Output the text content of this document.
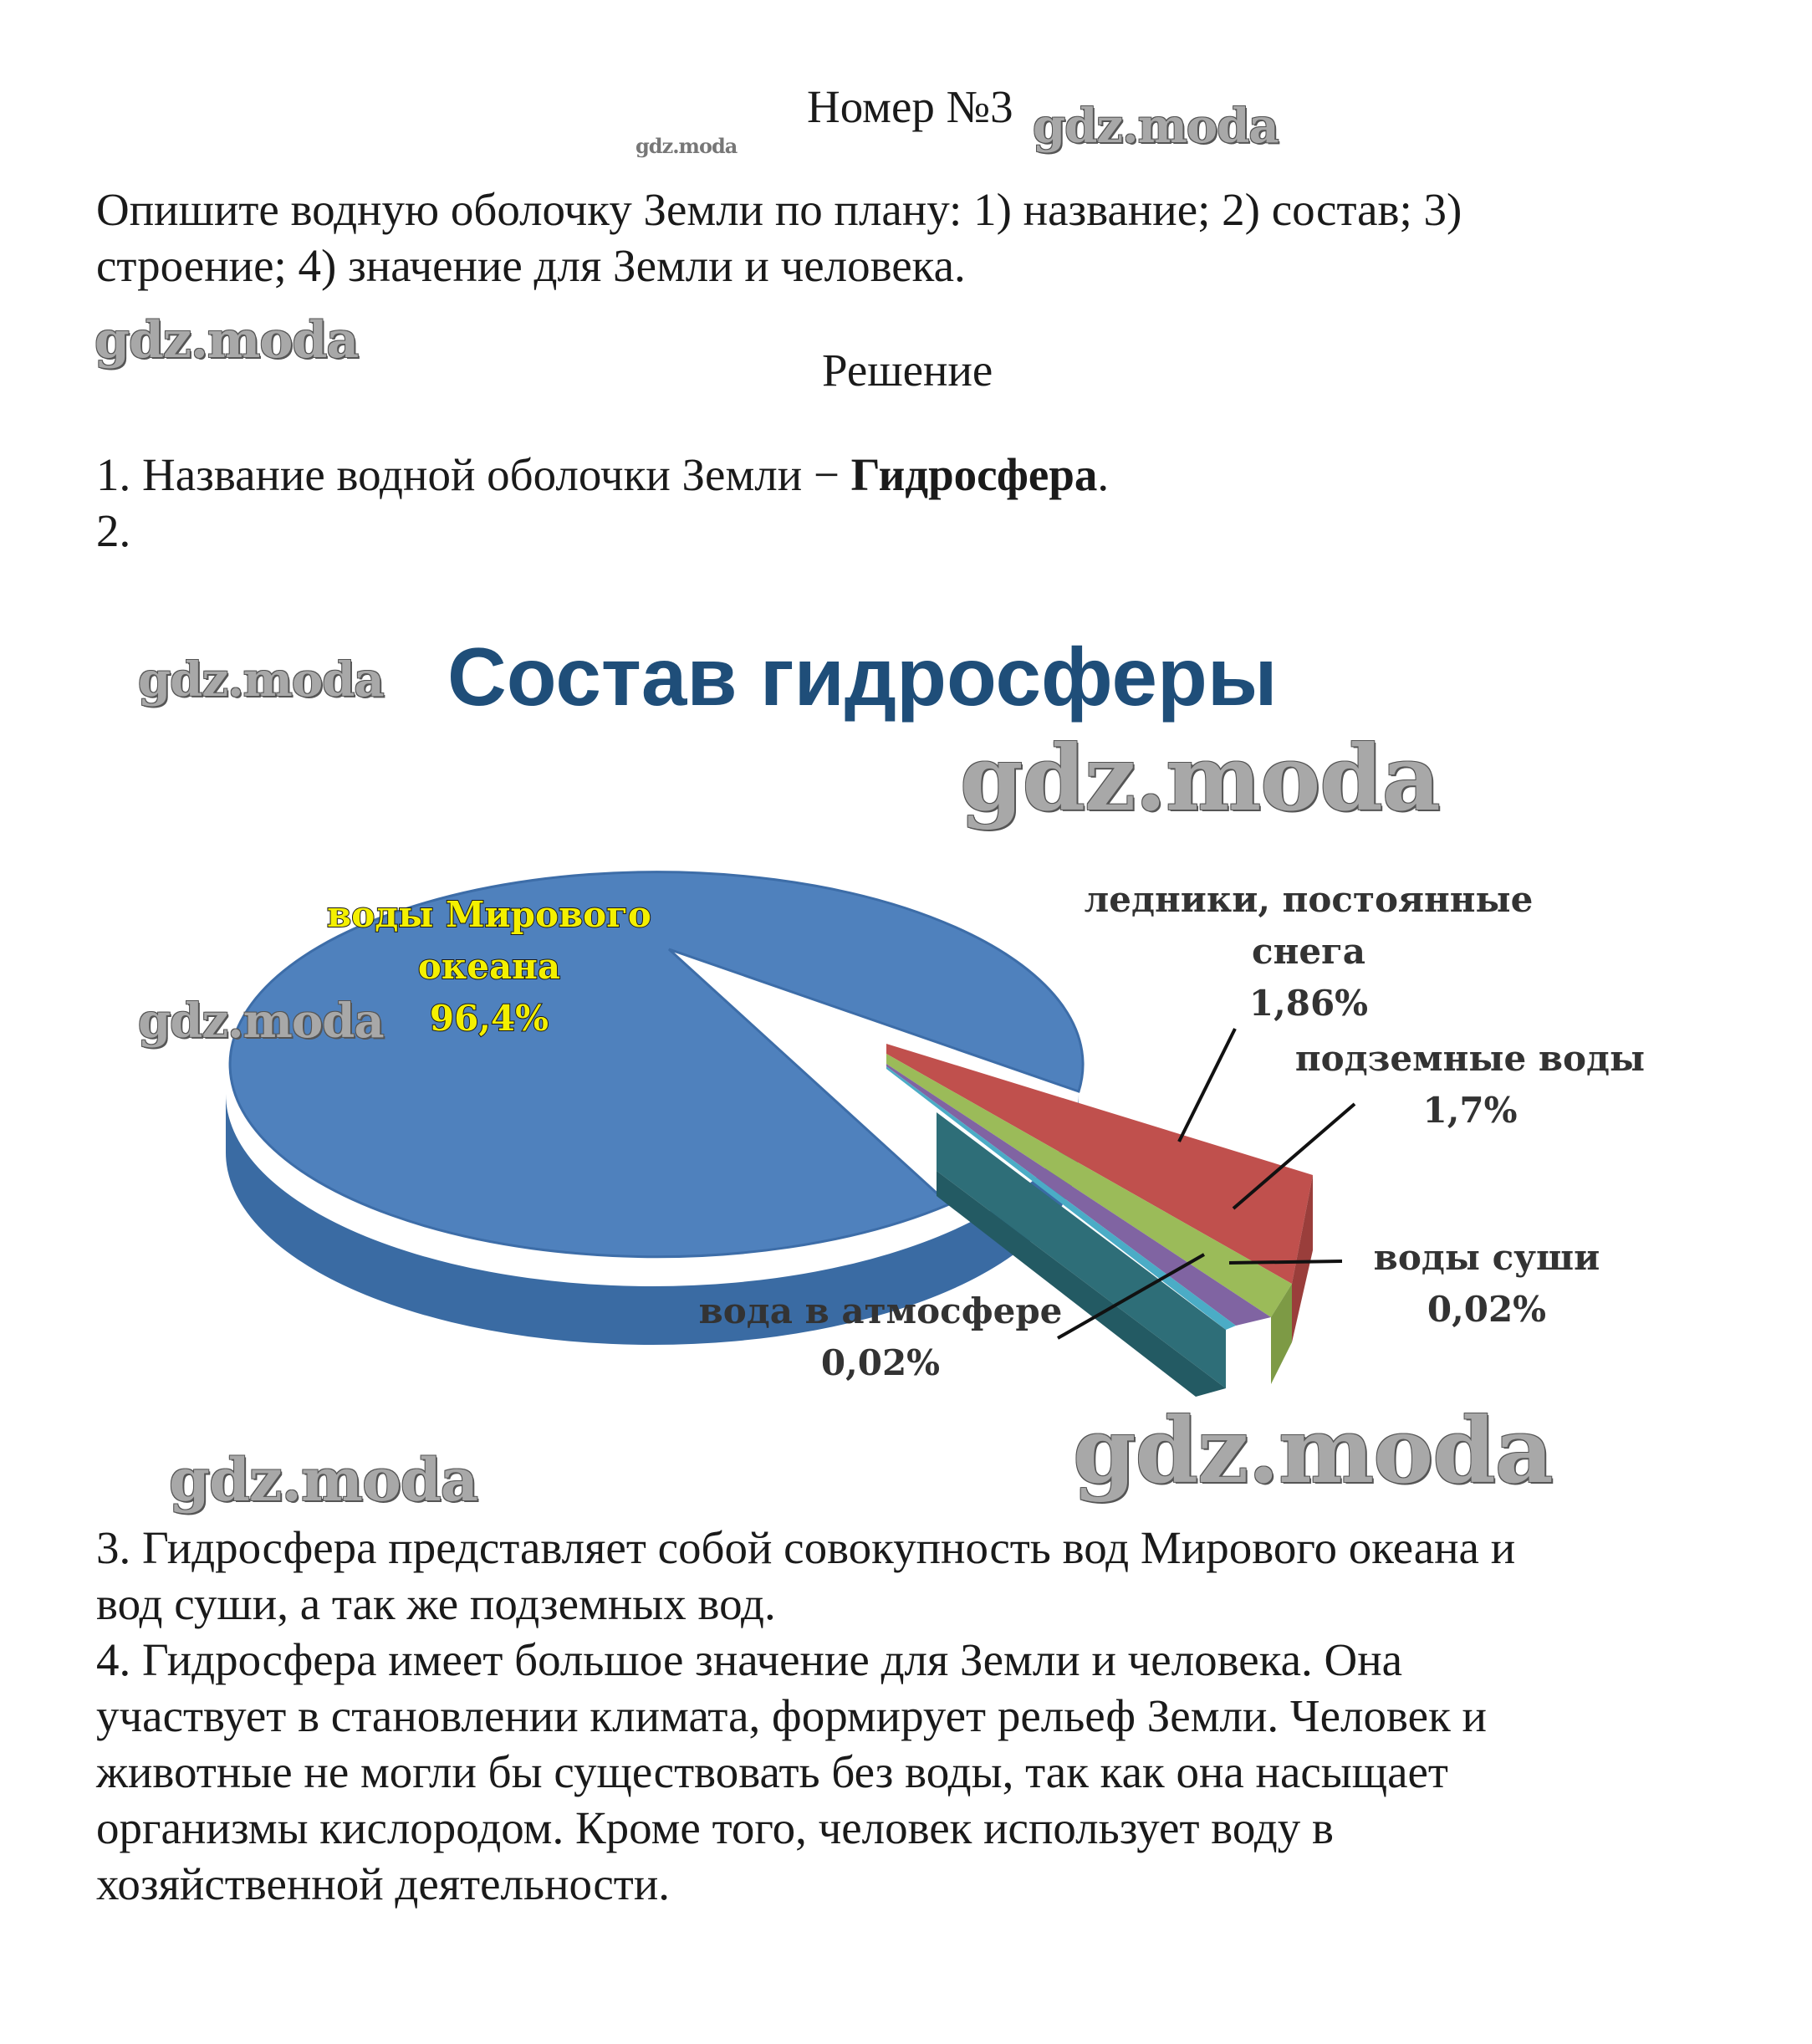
Номер №3
Опишите водную оболочку Земли по плану: 1) название; 2) состав; 3)
строение; 4) значение для Земли и человека.
Решение
1. Название водной оболочки Земли − Гидросфера.
2.
Состав гидросферы
воды Мирового
океана
96,4%
ледники, постоянные
снега
1,86%
подземные воды
1,7%
воды суши
0,02%
вода в атмосфере
0,02%
3. Гидросфера представляет собой совокупность вод Мирового океана и
вод суши, а так же подземных вод.
4. Гидросфера имеет большое значение для Земли и человека. Она
участвует в становлении климата, формирует рельеф Земли. Человек и
животные не могли бы существовать без воды, так как она насыщает
организмы кислородом. Кроме того, человек использует воду в
хозяйственной деятельности.
gdz.moda	gdz.moda
gdz.moda
gdz.moda
gdz.moda
gdz.moda
gdz.moda
gdz.moda
